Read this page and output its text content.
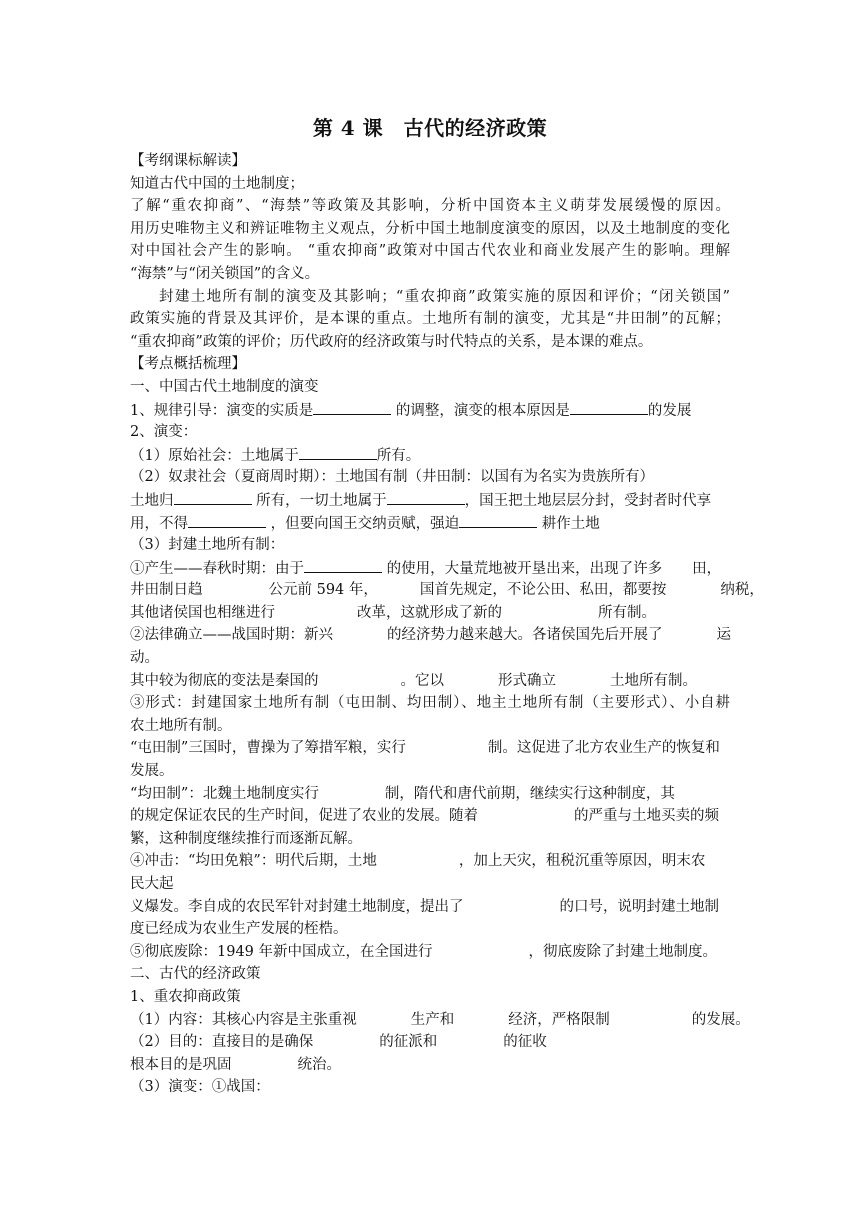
第 4 课　古代的经济政策
【考纲课标解读】
知道古代中国的土地制度；
了解“重农抑商”、“海禁”等政策及其影响，分析中国资本主义萌芽发展缓慢的原因。
用历史唯物主义和辨证唯物主义观点，分析中国土地制度演变的原因，以及土地制度的变化
对中国社会产生的影响。 “重农抑商”政策对中国古代农业和商业发展产生的影响。理解
“海禁”与“闭关锁国”的含义。
封建土地所有制的演变及其影响；“重农抑商”政策实施的原因和评价；“闭关锁国”
政策实施的背景及其评价，是本课的重点。土地所有制的演变，尤其是“井田制”的瓦解；
“重农抑商”政策的评价；历代政府的经济政策与时代特点的关系，是本课的难点。
【考点概括梳理】
一、中国古代土地制度的演变
1、规律引导：演变的实质是	的调整，演变的根本原因是	的发展
2、演变：
（1）原始社会：土地属于	所有。
（2）奴隶社会（夏商周时期）：土地国有制（井田制：以国有为名实为贵族所有）
土地归	所有，一切土地属于	，国王把土地层层分封，受封者时代享
用，不得	，但要向国王交纳贡赋，强迫	耕作土地
（3）封建土地所有制：
①产生——春秋时期：由于	的使用，大量荒地被开垦出来，出现了许多 田，
井田制日趋	公元前 594 年，	国首先规定，不论公田、私田，都要按	纳税，
其他诸侯国也相继进行	改革，这就形成了新的	所有制。
②法律确立——战国时期：新兴	的经济势力越来越大。各诸侯国先后开展了	运
动。
其中较为彻底的变法是秦国的	。它以	形式确立	土地所有制。
③形式：封建国家土地所有制（屯田制、均田制）、地主土地所有制（主要形式）、小自耕
农土地所有制。
“屯田制”三国时，曹操为了筹措军粮，实行	制。这促进了北方农业生产的恢复和
发展。
“均田制”：北魏土地制度实行	制，隋代和唐代前期，继续实行这种制度，其
的规定保证农民的生产时间，促进了农业的发展。随着	的严重与土地买卖的频
繁，这种制度继续推行而逐渐瓦解。
④冲击：“均田免粮”：明代后期，土地	，加上天灾，租税沉重等原因，明末农
民大起
义爆发。李自成的农民军针对封建土地制度，提出了	的口号，说明封建土地制
度已经成为农业生产发展的桎梏。
⑤彻底废除：1949 年新中国成立，在全国进行	，彻底废除了封建土地制度。
二、古代的经济政策
1、重农抑商政策
（1）内容：其核心内容是主张重视	生产和	经济，严格限制	的发展。
（2）目的：直接目的是确保	的征派和	的征收
根本目的是巩固	统治。
（3）演变：①战国：
